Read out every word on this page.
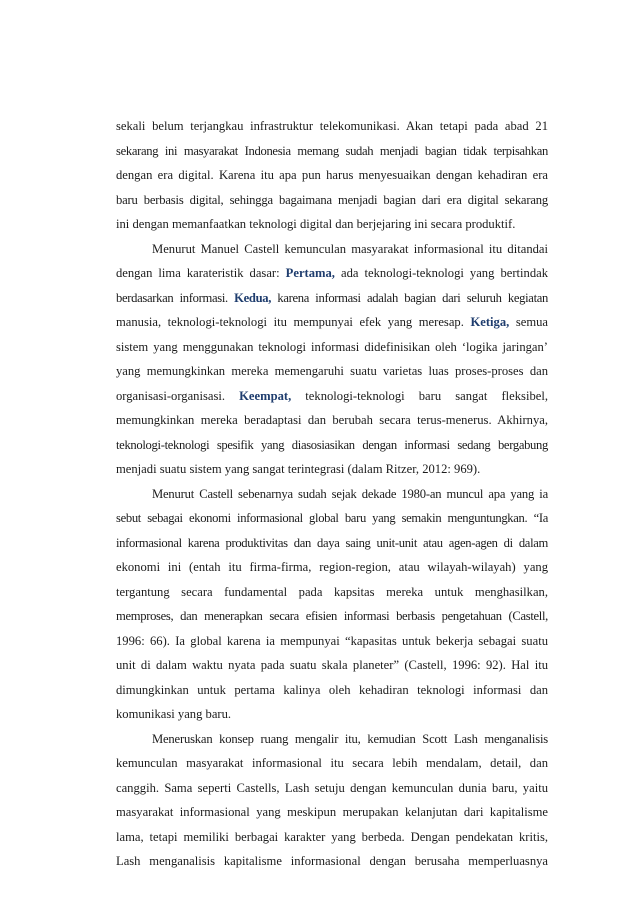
sekali belum terjangkau infrastruktur telekomunikasi. Akan tetapi pada abad 21
sekarang ini masyarakat Indonesia memang sudah menjadi bagian tidak terpisahkan
dengan era digital. Karena itu apa pun harus menyesuaikan dengan kehadiran era
baru berbasis digital, sehingga bagaimana menjadi bagian dari era digital sekarang
ini dengan memanfaatkan teknologi digital dan berjejaring ini secara produktif.
Menurut Manuel Castell kemunculan masyarakat informasional itu ditandai
dengan lima karateristik dasar: Pertama, ada teknologi-teknologi yang bertindak
berdasarkan informasi. Kedua, karena informasi adalah bagian dari seluruh kegiatan
manusia, teknologi-teknologi itu mempunyai efek yang meresap. Ketiga, semua
sistem yang menggunakan teknologi informasi didefinisikan oleh ‘logika jaringan’
yang memungkinkan mereka memengaruhi suatu varietas luas proses-proses dan
organisasi-organisasi. Keempat, teknologi-teknologi baru sangat fleksibel,
memungkinkan mereka beradaptasi dan berubah secara terus-menerus. Akhirnya,
teknologi-teknologi spesifik yang diasosiasikan dengan informasi sedang bergabung
menjadi suatu sistem yang sangat terintegrasi (dalam Ritzer, 2012: 969).
Menurut Castell sebenarnya sudah sejak dekade 1980-an muncul apa yang ia
sebut sebagai ekonomi informasional global baru yang semakin menguntungkan. “Ia
informasional karena produktivitas dan daya saing unit-unit atau agen-agen di dalam
ekonomi ini (entah itu firma-firma, region-region, atau wilayah-wilayah) yang
tergantung secara fundamental pada kapsitas mereka untuk menghasilkan,
memproses, dan menerapkan secara efisien informasi berbasis pengetahuan (Castell,
1996: 66). Ia global karena ia mempunyai “kapasitas untuk bekerja sebagai suatu
unit di dalam waktu nyata pada suatu skala planeter” (Castell, 1996: 92). Hal itu
dimungkinkan untuk pertama kalinya oleh kehadiran teknologi informasi dan
komunikasi yang baru.
Meneruskan konsep ruang mengalir itu, kemudian Scott Lash menganalisis
kemunculan masyarakat informasional itu secara lebih mendalam, detail, dan
canggih. Sama seperti Castells, Lash setuju dengan kemunculan dunia baru, yaitu
masyarakat informasional yang meskipun merupakan kelanjutan dari kapitalisme
lama, tetapi memiliki berbagai karakter yang berbeda. Dengan pendekatan kritis,
Lash menganalisis kapitalisme informasional dengan berusaha memperluasnya
